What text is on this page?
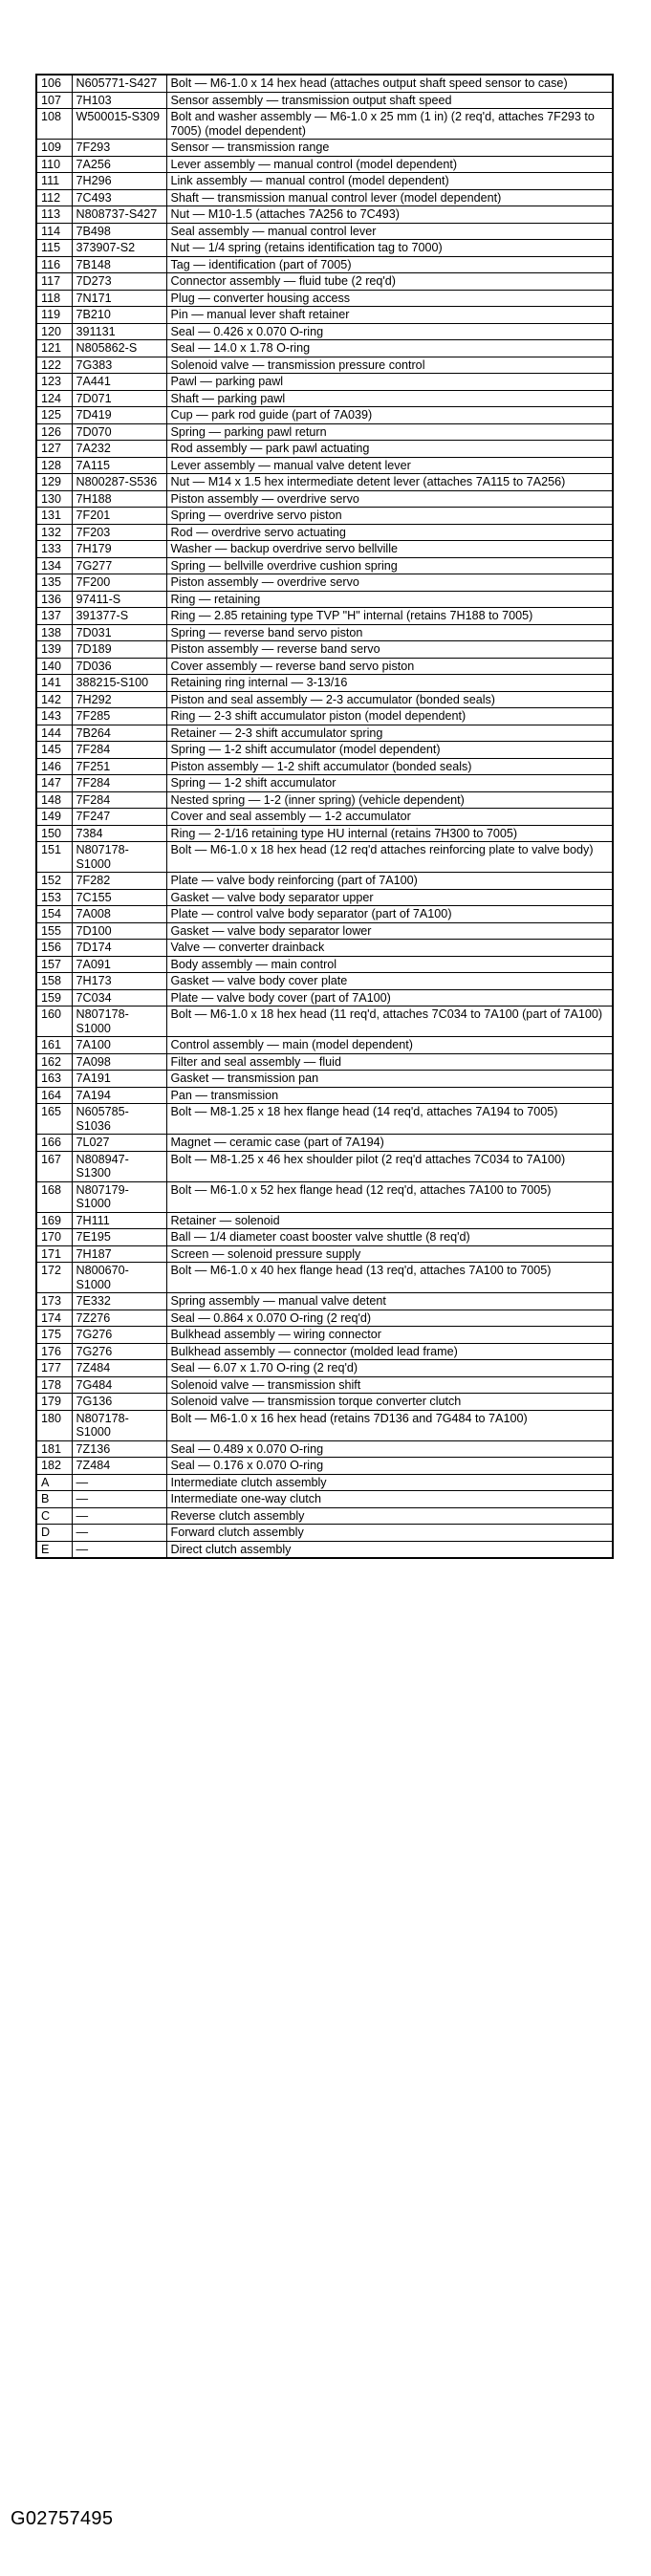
106	N605771-S427	Bolt — M6-1.0 x 14 hex head (attaches output shaft speed sensor to case)
107	7H103	Sensor assembly — transmission output shaft speed
108	W500015-S309	Bolt and washer assembly — M6-1.0 x 25 mm (1 in) (2 req'd, attaches 7F293 to 7005) (model dependent)
109	7F293	Sensor — transmission range
110	7A256	Lever assembly — manual control (model dependent)
111	7H296	Link assembly — manual control (model dependent)
112	7C493	Shaft — transmission manual control lever (model dependent)
113	N808737-S427	Nut — M10-1.5 (attaches 7A256 to 7C493)
114	7B498	Seal assembly — manual control lever
115	373907-S2	Nut — 1/4 spring (retains identification tag to 7000)
116	7B148	Tag — identification (part of 7005)
117	7D273	Connector assembly — fluid tube (2 req'd)
118	7N171	Plug — converter housing access
119	7B210	Pin — manual lever shaft retainer
120	391131	Seal — 0.426 x 0.070 O-ring
121	N805862-S	Seal — 14.0 x 1.78 O-ring
122	7G383	Solenoid valve — transmission pressure control
123	7A441	Pawl — parking pawl
124	7D071	Shaft — parking pawl
125	7D419	Cup — park rod guide (part of 7A039)
126	7D070	Spring — parking pawl return
127	7A232	Rod assembly — park pawl actuating
128	7A115	Lever assembly — manual valve detent lever
129	N800287-S536	Nut — M14 x 1.5 hex intermediate detent lever (attaches 7A115 to 7A256)
130	7H188	Piston assembly — overdrive servo
131	7F201	Spring — overdrive servo piston
132	7F203	Rod — overdrive servo actuating
133	7H179	Washer — backup overdrive servo bellville
134	7G277	Spring — bellville overdrive cushion spring
135	7F200	Piston assembly — overdrive servo
136	97411-S	Ring — retaining
137	391377-S	Ring — 2.85 retaining type TVP "H" internal (retains 7H188 to 7005)
138	7D031	Spring — reverse band servo piston
139	7D189	Piston assembly — reverse band servo
140	7D036	Cover assembly — reverse band servo piston
141	388215-S100	Retaining ring internal — 3-13/16
142	7H292	Piston and seal assembly — 2-3 accumulator (bonded seals)
143	7F285	Ring — 2-3 shift accumulator piston (model dependent)
144	7B264	Retainer — 2-3 shift accumulator spring
145	7F284	Spring — 1-2 shift accumulator (model dependent)
146	7F251	Piston assembly — 1-2 shift accumulator (bonded seals)
147	7F284	Spring — 1-2 shift accumulator
148	7F284	Nested spring — 1-2 (inner spring) (vehicle dependent)
149	7F247	Cover and seal assembly — 1-2 accumulator
150	7384	Ring — 2-1/16 retaining type HU internal (retains 7H300 to 7005)
151	N807178-S1000	Bolt — M6-1.0 x 18 hex head (12 req'd attaches reinforcing plate to valve body)
152	7F282	Plate — valve body reinforcing (part of 7A100)
153	7C155	Gasket — valve body separator upper
154	7A008	Plate — control valve body separator (part of 7A100)
155	7D100	Gasket — valve body separator lower
156	7D174	Valve — converter drainback
157	7A091	Body assembly — main control
158	7H173	Gasket — valve body cover plate
159	7C034	Plate — valve body cover (part of 7A100)
160	N807178-S1000	Bolt — M6-1.0 x 18 hex head (11 req'd, attaches 7C034 to 7A100 (part of 7A100)
161	7A100	Control assembly — main (model dependent)
162	7A098	Filter and seal assembly — fluid
163	7A191	Gasket — transmission pan
164	7A194	Pan — transmission
165	N605785-S1036	Bolt — M8-1.25 x 18 hex flange head (14 req'd, attaches 7A194 to 7005)
166	7L027	Magnet — ceramic case (part of 7A194)
167	N808947-S1300	Bolt — M8-1.25 x 46 hex shoulder pilot (2 req'd attaches 7C034 to 7A100)
168	N807179-S1000	Bolt — M6-1.0 x 52 hex flange head (12 req'd, attaches 7A100 to 7005)
169	7H111	Retainer — solenoid
170	7E195	Ball — 1/4 diameter coast booster valve shuttle (8 req'd)
171	7H187	Screen — solenoid pressure supply
172	N800670-S1000	Bolt — M6-1.0 x 40 hex flange head (13 req'd, attaches 7A100 to 7005)
173	7E332	Spring assembly — manual valve detent
174	7Z276	Seal — 0.864 x 0.070 O-ring (2 req'd)
175	7G276	Bulkhead assembly — wiring connector
176	7G276	Bulkhead assembly — connector (molded lead frame)
177	7Z484	Seal — 6.07 x 1.70 O-ring (2 req'd)
178	7G484	Solenoid valve — transmission shift
179	7G136	Solenoid valve — transmission torque converter clutch
180	N807178-S1000	Bolt — M6-1.0 x 16 hex head (retains 7D136 and 7G484 to 7A100)
181	7Z136	Seal — 0.489 x 0.070 O-ring
182	7Z484	Seal — 0.176 x 0.070 O-ring
A	—	Intermediate clutch assembly
B	—	Intermediate one-way clutch
C	—	Reverse clutch assembly
D	—	Forward clutch assembly
E	—	Direct clutch assembly
G02757495
